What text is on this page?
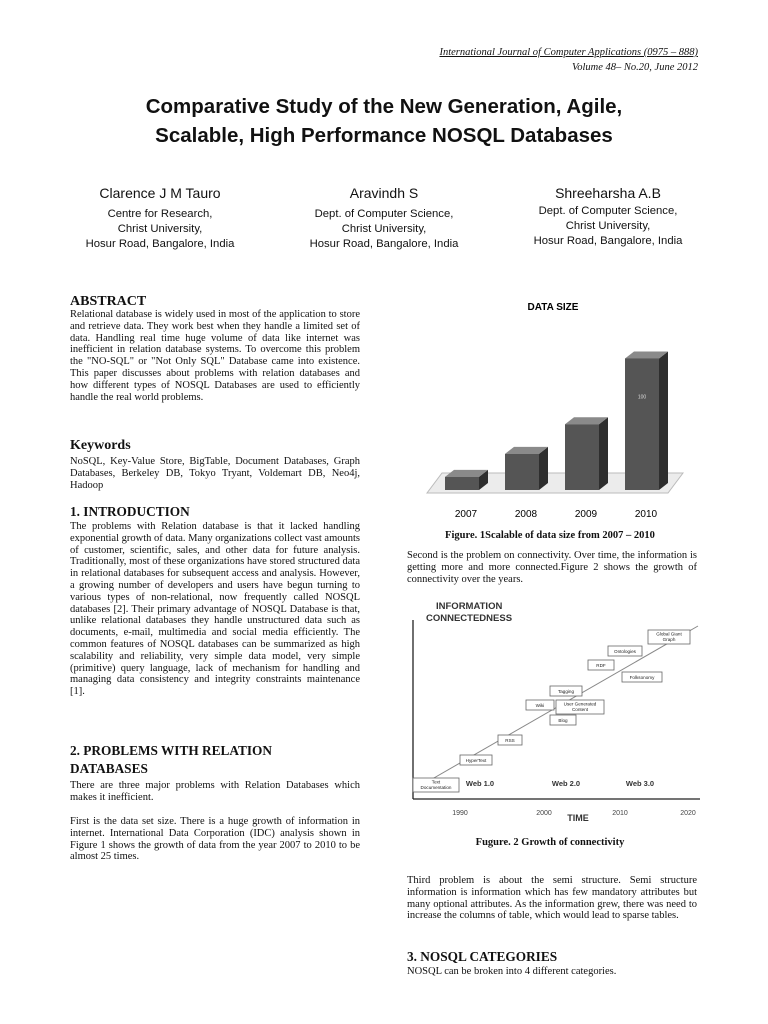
International Journal of Computer Applications (0975 – 888)
Volume 48– No.20, June 2012
Comparative Study of the New Generation, Agile,
Scalable, High Performance NOSQL Databases
Clarence J M Tauro
Centre for Research,
Christ University,
Hosur Road, Bangalore, India
Aravindh S
Dept. of Computer Science,
Christ University,
Hosur Road, Bangalore, India
Shreeharsha A.B
Dept. of Computer Science,
Christ University,
Hosur Road, Bangalore, India
ABSTRACT
Relational database is widely used in most of the application to store and retrieve data. They work best when they handle a limited set of data. Handling real time huge volume of data like internet was inefficient in relation database systems. To overcome this problem the "NO-SQL" or "Not Only SQL" Database came into existence. This paper discusses about problems with relation databases and how different types of NOSQL Databases are used to efficiently handle the real world problems.
Keywords
NoSQL, Key-Value Store, BigTable, Document Databases, Graph Databases, Berkeley DB, Tokyo Tryant, Voldemart DB, Neo4j, Hadoop
1. INTRODUCTION
The problems with Relation database is that it lacked handling exponential growth of data. Many organizations collect vast amounts of customer, scientific, sales, and other data for future analysis. Traditionally, most of these organizations have stored structured data in relational databases for subsequent access and analysis. However, a growing number of developers and users have begun turning to various types of non-relational, now frequently called NOSQL databases [2]. Their primary advantage of NOSQL Database is that, unlike relational databases they handle unstructured data such as documents, e-mail, multimedia and social media efficiently. The common features of NOSQL databases can be summarized as high scalability and reliability, very simple data model, very simple (primitive) query language, lack of mechanism for handling and managing data consistency and integrity constraints maintenance [1].
2. PROBLEMS WITH RELATION
DATABASES
There are three major problems with Relation Databases which makes it inefficient.
First is the data set size. There is a huge growth of information in internet. International Data Corporation (IDC) analysis shown in Figure 1 shows the growth of data from the year 2007 to 2010 to be almost 25 times.
DATA SIZE
2007	2008	2009	2010
100
Figure. 1Scalable of data size from 2007 – 2010
Second is the problem on connectivity. Over time, the information is getting more and more connected.Figure 2 shows the growth of connectivity over the years.
INFORMATION
CONNECTEDNESS
Web 1.0	Web 2.0	Web 3.0
1990	2000	2010	2020
Text
Documentation
HyperText
RSS
Wiki
Tagging
User Generated
Content
Blog
RDF
Folksonomy
Ontologies
Global Giant
Graph
TIME
Fugure. 2 Growth of connectivity
Third problem is about the semi structure. Semi structure information is information which has few mandatory attributes but many optional attributes. As the information grew, there was need to increase the columns of table, which would lead to sparse tables.
3. NOSQL CATEGORIES
NOSQL can be broken into 4 different categories.
